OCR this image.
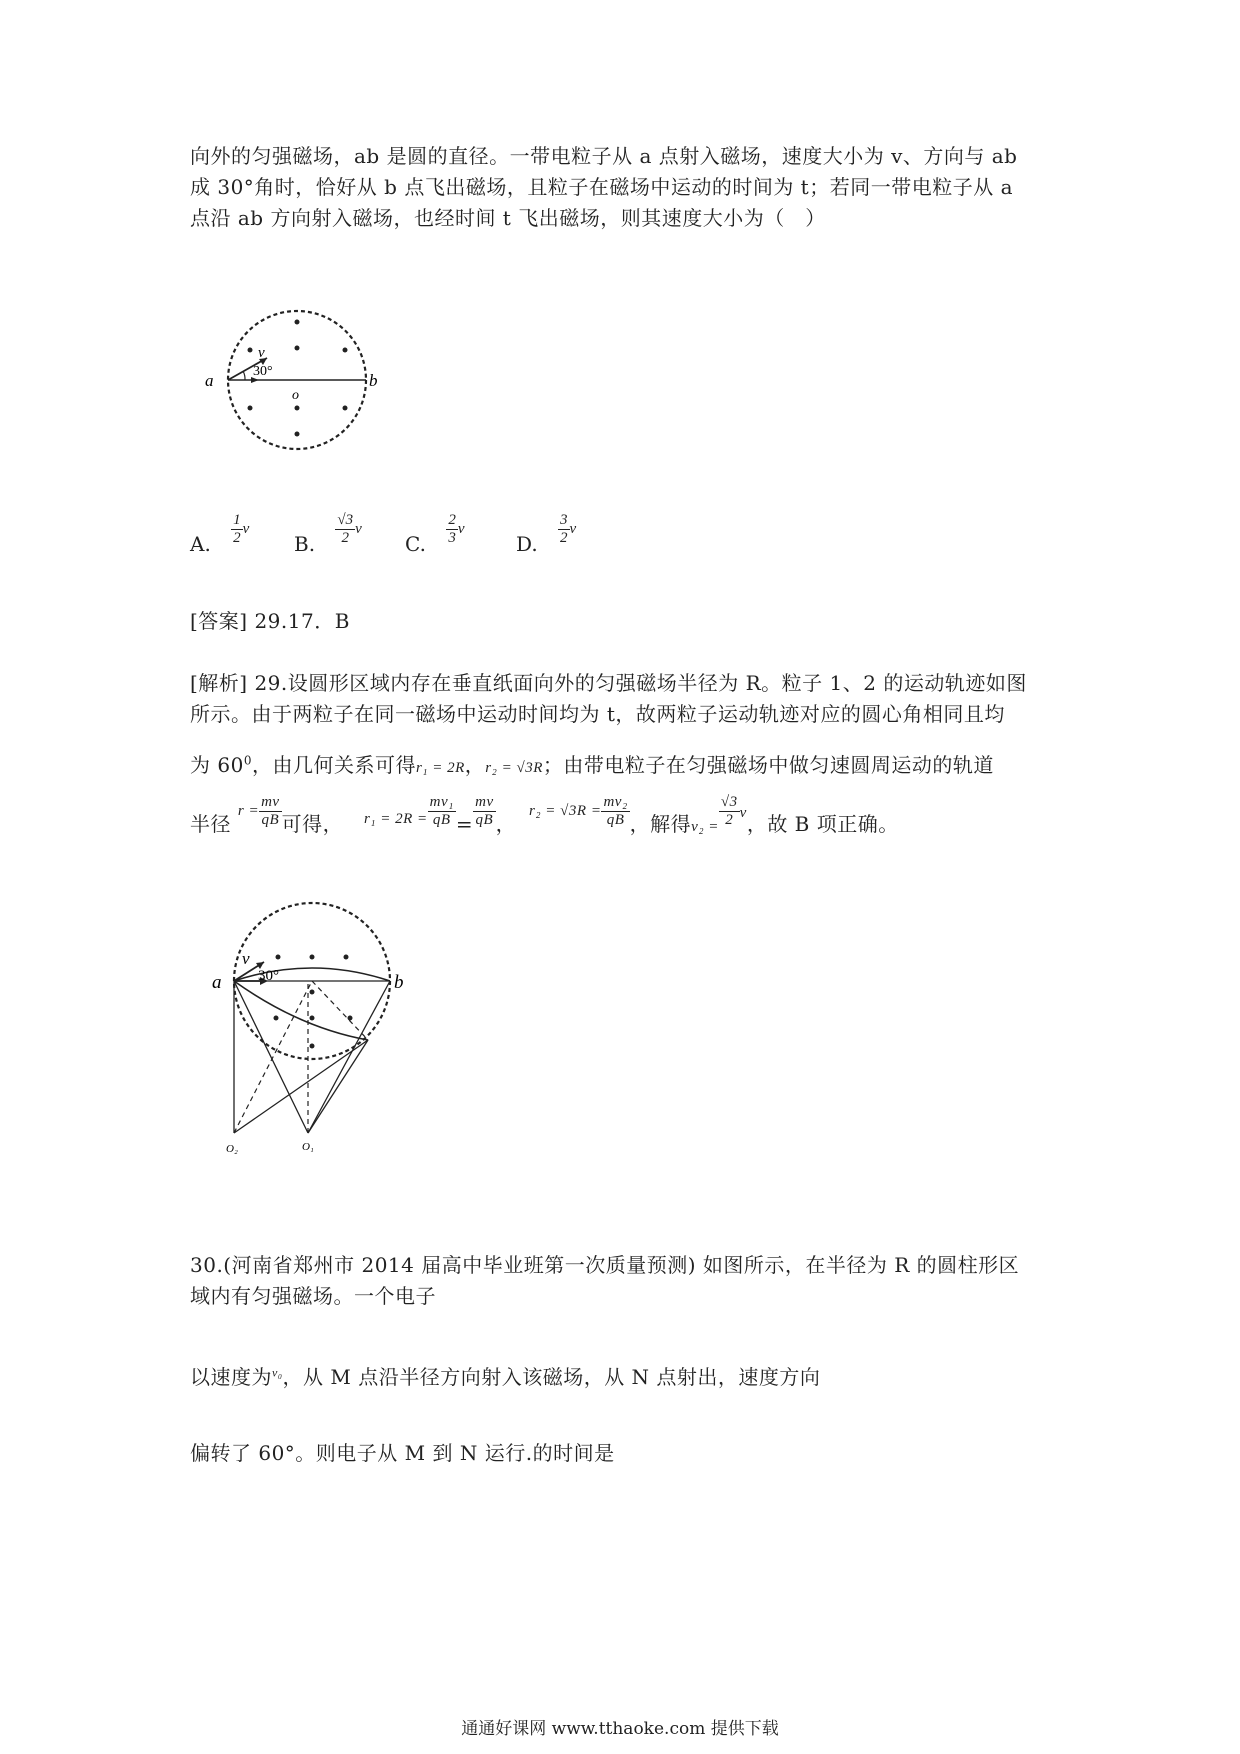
向外的匀强磁场，ab 是圆的直径。一带电粒子从 a 点射入磁场，速度大小为 v、方向与 ab
成 30°角时，恰好从 b 点飞出磁场，且粒子在磁场中运动的时间为 t；若同一带电粒子从 a
点沿 ab 方向射入磁场，也经时间 t 飞出磁场，则其速度大小为（　）
a	b
o
v
30°
A. $\frac{1}{2} ^v$
B. $\frac{√3}{2} ^v$
C. $\frac{2}{3} ^v$
D. $\frac{3}{2} ^v$
[答案] 29.17．B
[解析] 29.设圆形区域内存在垂直纸面向外的匀强磁场半径为 R。粒子 1、2 的运动轨迹如图
所示。由于两粒子在同一磁场中运动时间均为 t，故两粒子运动轨迹对应的圆心角相同且均
为 $60^0$，由几何关系可得r₁ = 2R，r₂ = √3R；由带电粒子在匀强磁场中做匀速圆周运动的轨道
半径 $^{r =} \frac{mv}{qB}$ 可得， $^{r_1 = 2R =} \frac{\text{mv₁}}{qB} = \frac{mv}{qB}$ ， $^{r_2 = √3R =} \frac{\text{mv₂}}{qB}$ ，解得$v_2 = \frac{√3}{2} ^v$，故 B 项正确。
a	b
v
30°
O₁
O₂
30.(河南省郑州市 2014 届高中毕业班第一次质量预测) 如图所示，在半径为 R 的圆柱形区
域内有匀强磁场。一个电子
以速度为$^{v_0}$，从 M 点沿半径方向射入该磁场，从 N 点射出，速度方向
偏转了 60°。则电子从 M 到 N 运行.的时间是
通通好课网 www.tthaoke.com 提供下载
